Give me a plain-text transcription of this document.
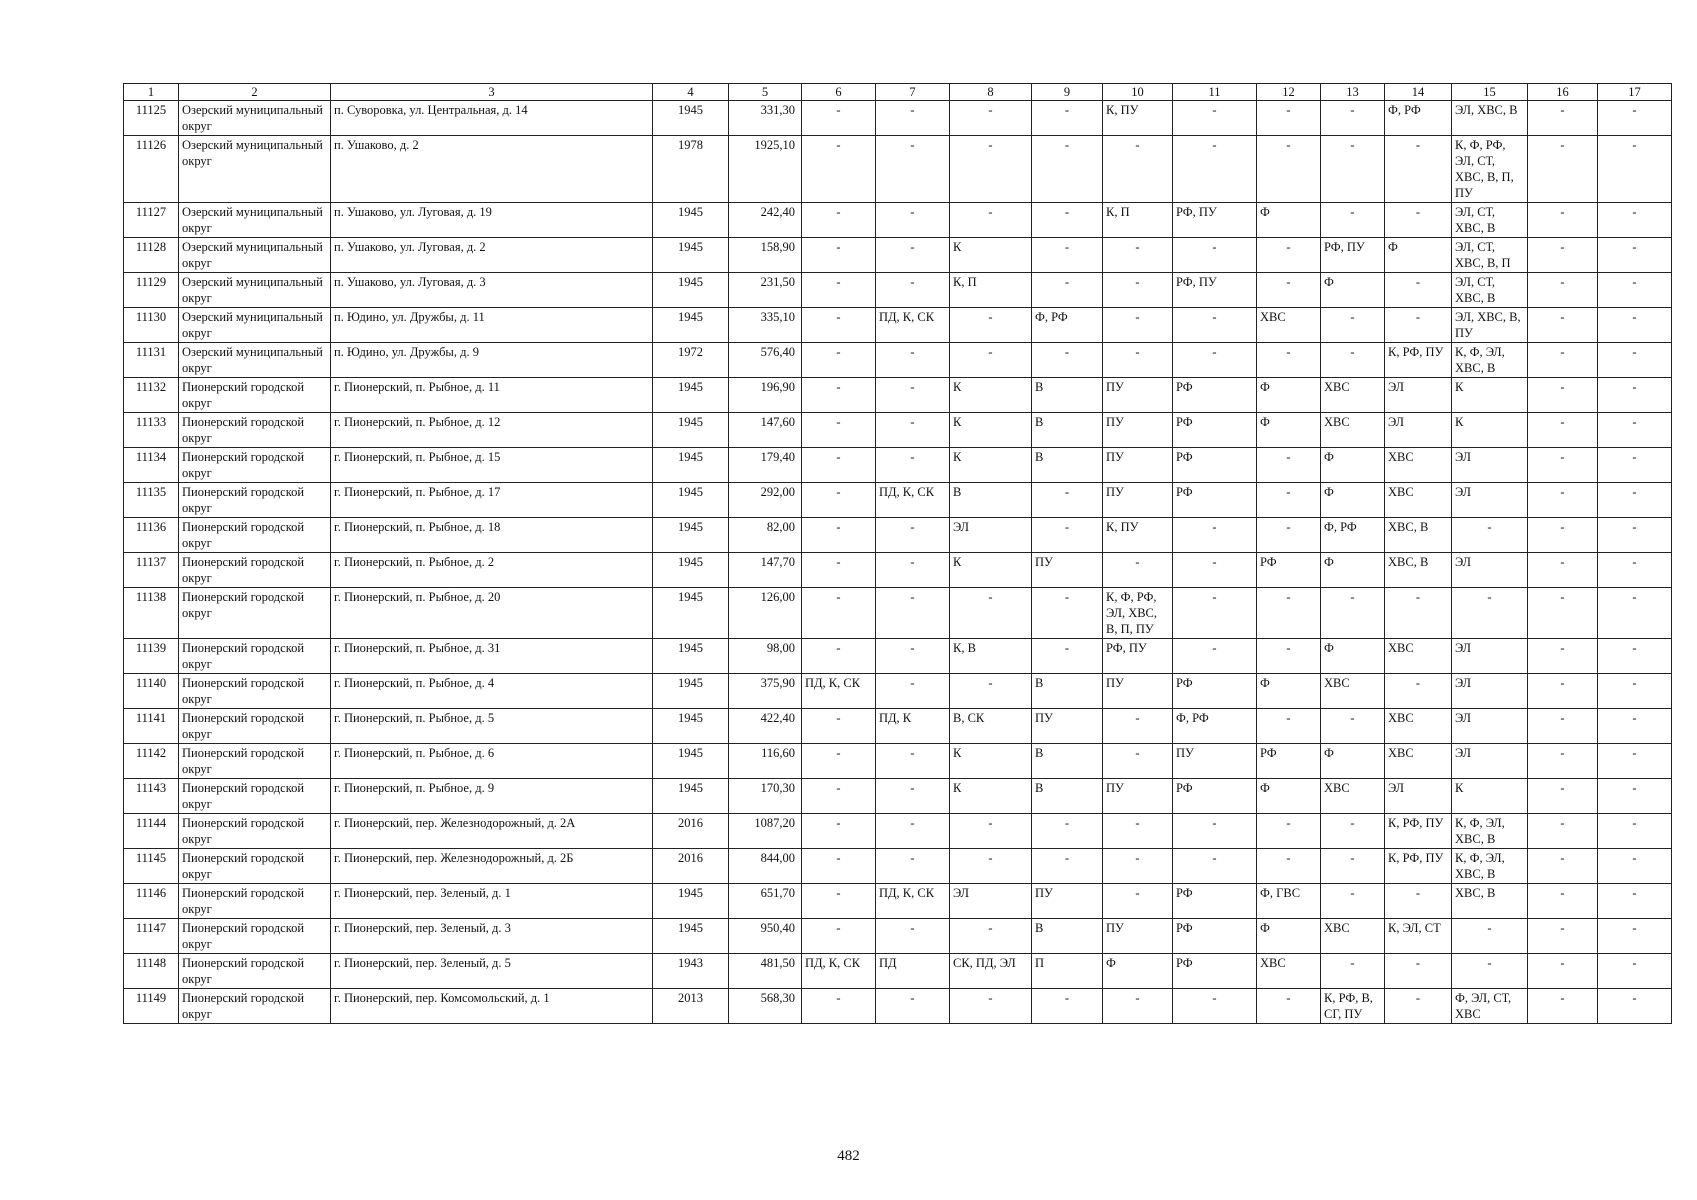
1	2	3	4	5	6	7	8	9	10	11	12	13	14	15	16	17
11125	Озерский муниципальный округ	п. Суворовка, ул. Центральная, д. 14	1945	331,30	-	-	-	-	К, ПУ	-	-	-	Ф, РФ	ЭЛ, ХВС, В	-	-
11126	Озерский муниципальный округ	п. Ушаково, д. 2	1978	1925,10	-	-	-	-	-	-	-	-	-	К, Ф, РФ, ЭЛ, СТ, ХВС, В, П, ПУ	-	-
11127	Озерский муниципальный округ	п. Ушаково, ул. Луговая, д. 19	1945	242,40	-	-	-	-	К, П	РФ, ПУ	Ф	-	-	ЭЛ, СТ, ХВС, В	-	-
11128	Озерский муниципальный округ	п. Ушаково, ул. Луговая, д. 2	1945	158,90	-	-	К	-	-	-	-	РФ, ПУ	Ф	ЭЛ, СТ, ХВС, В, П	-	-
11129	Озерский муниципальный округ	п. Ушаково, ул. Луговая, д. 3	1945	231,50	-	-	К, П	-	-	РФ, ПУ	-	Ф	-	ЭЛ, СТ, ХВС, В	-	-
11130	Озерский муниципальный округ	п. Юдино, ул. Дружбы, д. 11	1945	335,10	-	ПД, К, СК	-	Ф, РФ	-	-	ХВС	-	-	ЭЛ, ХВС, В, ПУ	-	-
11131	Озерский муниципальный округ	п. Юдино, ул. Дружбы, д. 9	1972	576,40	-	-	-	-	-	-	-	-	К, РФ, ПУ	К, Ф, ЭЛ, ХВС, В	-	-
11132	Пионерский городской округ	г. Пионерский, п. Рыбное, д. 11	1945	196,90	-	-	К	В	ПУ	РФ	Ф	ХВС	ЭЛ	К	-	-
11133	Пионерский городской округ	г. Пионерский, п. Рыбное, д. 12	1945	147,60	-	-	К	В	ПУ	РФ	Ф	ХВС	ЭЛ	К	-	-
11134	Пионерский городской округ	г. Пионерский, п. Рыбное, д. 15	1945	179,40	-	-	К	В	ПУ	РФ	-	Ф	ХВС	ЭЛ	-	-
11135	Пионерский городской округ	г. Пионерский, п. Рыбное, д. 17	1945	292,00	-	ПД, К, СК	В	-	ПУ	РФ	-	Ф	ХВС	ЭЛ	-	-
11136	Пионерский городской округ	г. Пионерский, п. Рыбное, д. 18	1945	82,00	-	-	ЭЛ	-	К, ПУ	-	-	Ф, РФ	ХВС, В	-	-	-
11137	Пионерский городской округ	г. Пионерский, п. Рыбное, д. 2	1945	147,70	-	-	К	ПУ	-	-	РФ	Ф	ХВС, В	ЭЛ	-	-
11138	Пионерский городской округ	г. Пионерский, п. Рыбное, д. 20	1945	126,00	-	-	-	-	К, Ф, РФ, ЭЛ, ХВС, В, П, ПУ	-	-	-	-	-	-	-
11139	Пионерский городской округ	г. Пионерский, п. Рыбное, д. 31	1945	98,00	-	-	К, В	-	РФ, ПУ	-	-	Ф	ХВС	ЭЛ	-	-
11140	Пионерский городской округ	г. Пионерский, п. Рыбное, д. 4	1945	375,90	ПД, К, СК	-	-	В	ПУ	РФ	Ф	ХВС	-	ЭЛ	-	-
11141	Пионерский городской округ	г. Пионерский, п. Рыбное, д. 5	1945	422,40	-	ПД, К	В, СК	ПУ	-	Ф, РФ	-	-	ХВС	ЭЛ	-	-
11142	Пионерский городской округ	г. Пионерский, п. Рыбное, д. 6	1945	116,60	-	-	К	В	-	ПУ	РФ	Ф	ХВС	ЭЛ	-	-
11143	Пионерский городской округ	г. Пионерский, п. Рыбное, д. 9	1945	170,30	-	-	К	В	ПУ	РФ	Ф	ХВС	ЭЛ	К	-	-
11144	Пионерский городской округ	г. Пионерский, пер. Железнодорожный, д. 2А	2016	1087,20	-	-	-	-	-	-	-	-	К, РФ, ПУ	К, Ф, ЭЛ, ХВС, В	-	-
11145	Пионерский городской округ	г. Пионерский, пер. Железнодорожный, д. 2Б	2016	844,00	-	-	-	-	-	-	-	-	К, РФ, ПУ	К, Ф, ЭЛ, ХВС, В	-	-
11146	Пионерский городской округ	г. Пионерский, пер. Зеленый, д. 1	1945	651,70	-	ПД, К, СК	ЭЛ	ПУ	-	РФ	Ф, ГВС	-	-	ХВС, В	-	-
11147	Пионерский городской округ	г. Пионерский, пер. Зеленый, д. 3	1945	950,40	-	-	-	В	ПУ	РФ	Ф	ХВС	К, ЭЛ, СТ	-	-	-
11148	Пионерский городской округ	г. Пионерский, пер. Зеленый, д. 5	1943	481,50	ПД, К, СК	ПД	СК, ПД, ЭЛ	П	Ф	РФ	ХВС	-	-	-	-	-
11149	Пионерский городской округ	г. Пионерский, пер. Комсомольский, д. 1	2013	568,30	-	-	-	-	-	-	-	К, РФ, В, СГ, ПУ	-	Ф, ЭЛ, СТ, ХВС	-	-
482
